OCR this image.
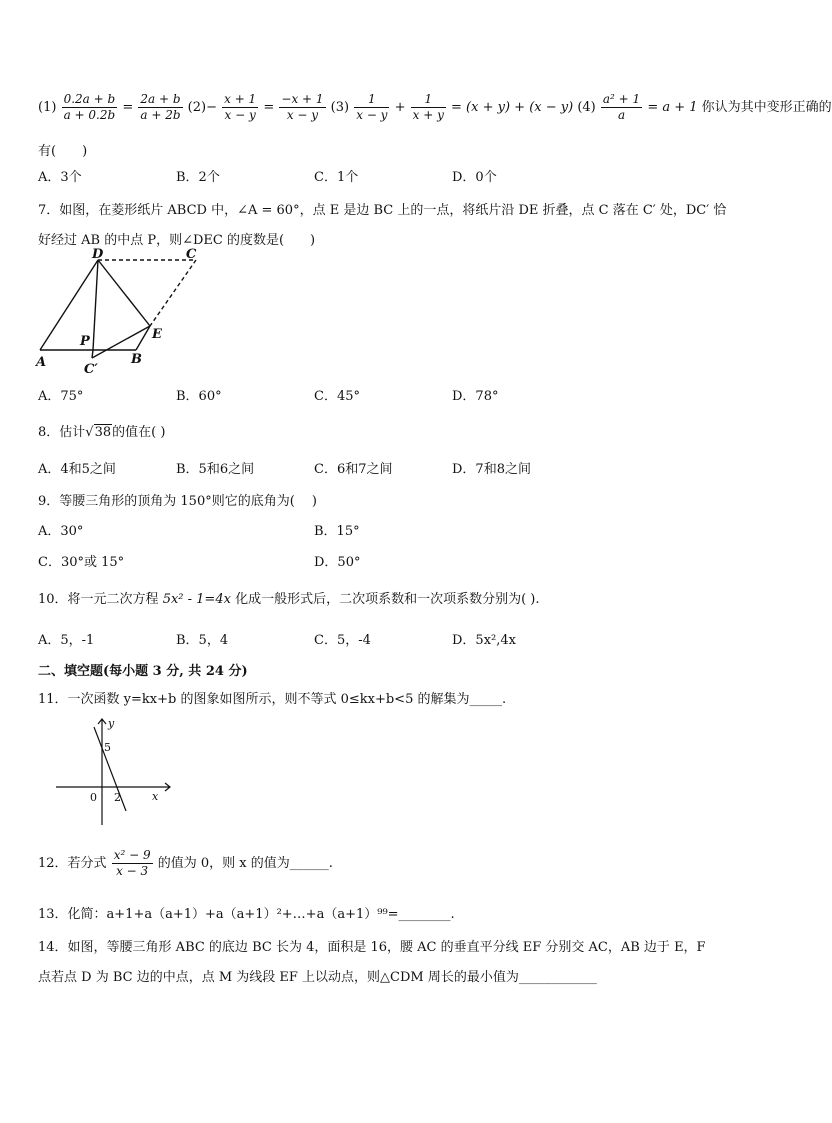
$(1) \frac{0.2a + b}{a + 0.2b} = \frac{2a + b}{a + 2b} (2)- \frac{x + 1}{x - y} = \frac{-x + 1}{x - y} (3) \frac{1}{x - y} + \frac{1}{x + y} = (x + y) + (x - y)$ $(4) \frac{\text{a² + 1}}{a} = a + 1$ 你认为其中变形正确的
有(　　)
A．3个	B．2个	C．1个	D．0个
7．如图，在菱形纸片 ABCD 中，∠A = 60°，点 E 是边 BC 上的一点，将纸片沿 DE 折叠，点 C 落在 C′ 处，DC′ 恰
好经过 AB 的中点 P，则∠DEC 的度数是(　　)
D	C
P	E
A	B
C′
A．75°	B．60°	C．45°	D．78°
8．估计√38的值在( )
A．4和5之间	B．5和6之间	C．6和7之间	D．7和8之间
9．等腰三角形的顶角为 150°则它的底角为(　 )
A．30°	B．15°
C．30°或 15°	D．50°
10．将一元二次方程 5x² - 1=4x 化成一般形式后，二次项系数和一次项系数分别为( ).
A．5，-1	B．5，4	C．5，-4	D．5x²,4x
二、填空题(每小题 3 分, 共 24 分)
11．一次函数 y=kx+b 的图象如图所示，则不等式 0≤kx+b<5 的解集为_____.
y
x
0 2
5
12．若分式 $\frac{\text{x² − 9}}{x - 3}$ 的值为 0，则 x 的值为______.
13．化简：a+1+a（a+1）+a（a+1）²+…+a（a+1）⁹⁹=________.
14．如图，等腰三角形 ABC 的底边 BC 长为 4，面积是 16，腰 AC 的垂直平分线 EF 分别交 AC，AB 边于 E，F
点若点 D 为 BC 边的中点，点 M 为线段 EF 上以动点，则△CDM 周长的最小值为____________
